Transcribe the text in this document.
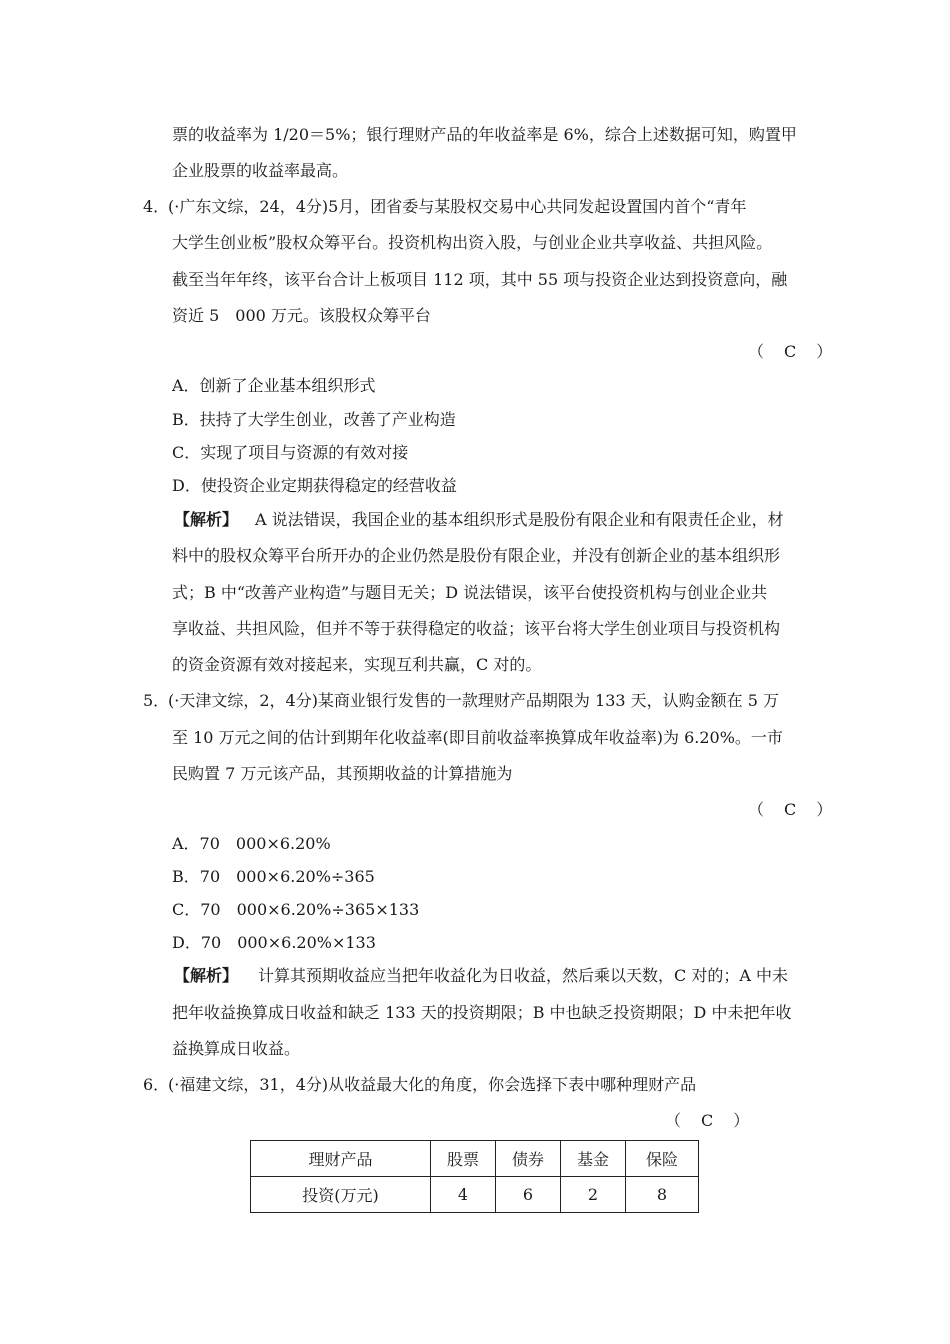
票的收益率为 1/20＝5%；银行理财产品的年收益率是 6%，综合上述数据可知，购置甲
企业股票的收益率最高。
4．
(·广东文综，24，4分)5月，团省委与某股权交易中心共同发起设置国内首个“青年
大学生创业板”股权众筹平台。投资机构出资入股，与创业企业共享收益、共担风险。
截至当年年终，该平台合计上板项目 112 项，其中 55 项与投资企业达到投资意向，融
资近 5　000 万元。该股权众筹平台
（　C　）
A．创新了企业基本组织形式
B．扶持了大学生创业，改善了产业构造
C．实现了项目与资源的有效对接
D．使投资企业定期获得稳定的经营收益
【解析】 A 说法错误，我国企业的基本组织形式是股份有限企业和有限责任企业，材
料中的股权众筹平台所开办的企业仍然是股份有限企业，并没有创新企业的基本组织形
式；B 中“改善产业构造”与题目无关；D 说法错误，该平台使投资机构与创业企业共
享收益、共担风险，但并不等于获得稳定的收益；该平台将大学生创业项目与投资机构
的资金资源有效对接起来，实现互利共赢，C 对的。
5．
(·天津文综，2，4分)某商业银行发售的一款理财产品期限为 133 天，认购金额在 5 万
至 10 万元之间的估计到期年化收益率(即目前收益率换算成年收益率)为 6.20%。一市
民购置 7 万元该产品，其预期收益的计算措施为
（　C　）
A．70　000×6.20%
B．70　000×6.20%÷365
C．70　000×6.20%÷365×133
D．70　000×6.20%×133
【解析】 计算其预期收益应当把年收益化为日收益，然后乘以天数，C 对的；A 中未
把年收益换算成日收益和缺乏 133 天的投资期限；B 中也缺乏投资期限；D 中未把年收
益换算成日收益。
6．
(·福建文综，31，4分)从收益最大化的角度，你会选择下表中哪种理财产品
（　C　）
理财产品	股票	债券	基金	保险
投资(万元)	4	6	2	8
